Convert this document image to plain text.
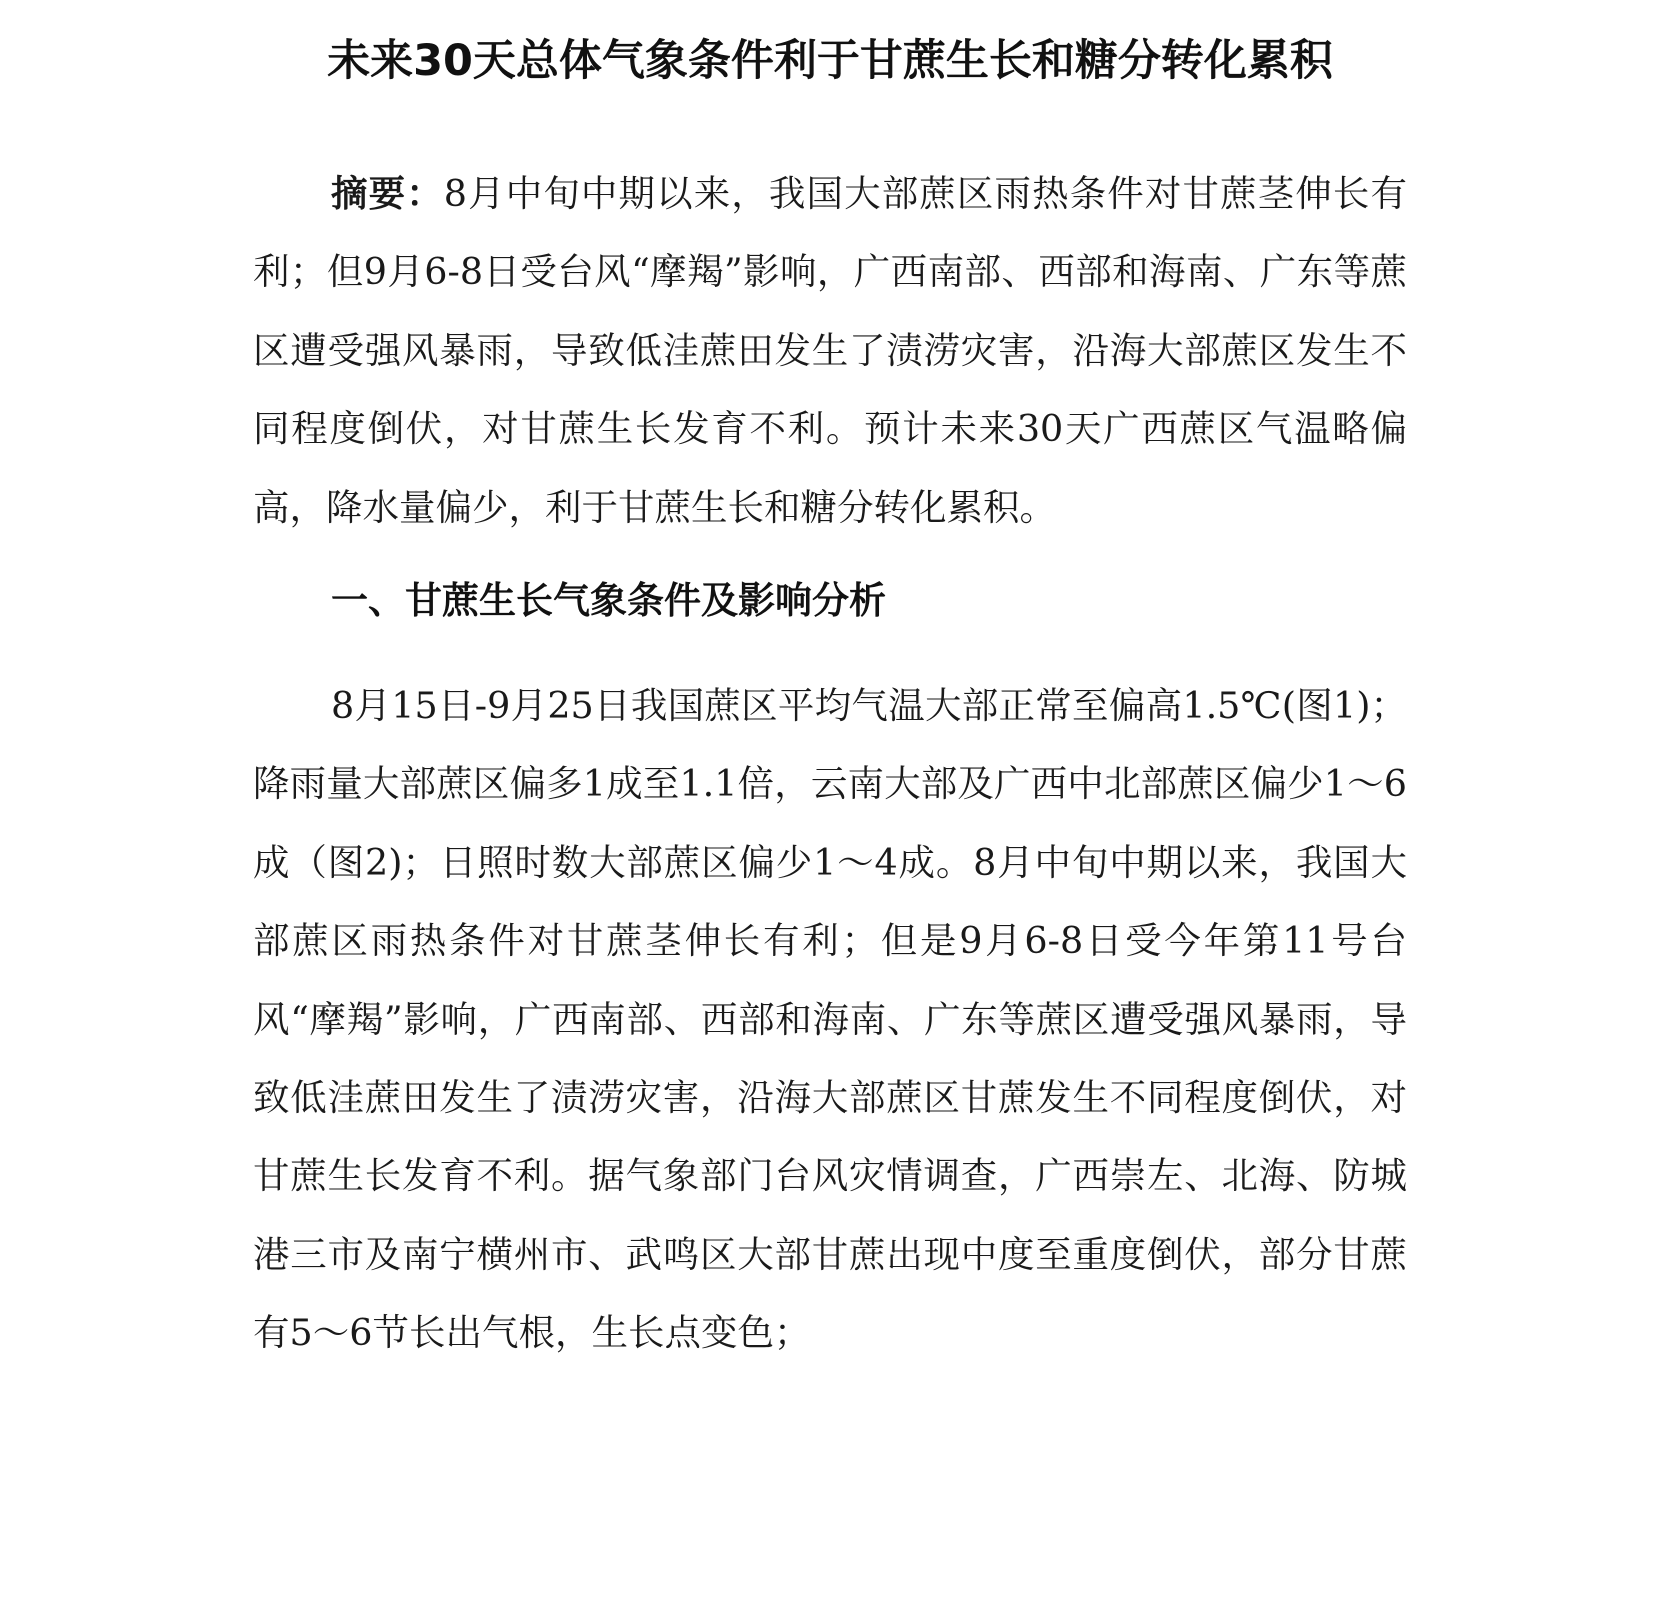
未来30天总体气象条件利于甘蔗生长和糖分转化累积
摘要：8月中旬中期以来，我国大部蔗区雨热条件对甘蔗茎伸长有利；但9月6-8日受台风“摩羯”影响，广西南部、西部和海南、广东等蔗区遭受强风暴雨，导致低洼蔗田发生了渍涝灾害，沿海大部蔗区发生不同程度倒伏，对甘蔗生长发育不利。预计未来30天广西蔗区气温略偏高，降水量偏少，利于甘蔗生长和糖分转化累积。
一、甘蔗生长气象条件及影响分析
8月15日-9月25日我国蔗区平均气温大部正常至偏高1.5℃(图1)；降雨量大部蔗区偏多1成至1.1倍，云南大部及广西中北部蔗区偏少1～6成（图2)；日照时数大部蔗区偏少1～4成。8月中旬中期以来，我国大部蔗区雨热条件对甘蔗茎伸长有利；但是9月6-8日受今年第11号台风“摩羯”影响，广西南部、西部和海南、广东等蔗区遭受强风暴雨，导致低洼蔗田发生了渍涝灾害，沿海大部蔗区甘蔗发生不同程度倒伏，对甘蔗生长发育不利。据气象部门台风灾情调查，广西崇左、北海、防城港三市及南宁横州市、武鸣区大部甘蔗出现中度至重度倒伏，部分甘蔗有5～6节长出气根，生长点变色；
